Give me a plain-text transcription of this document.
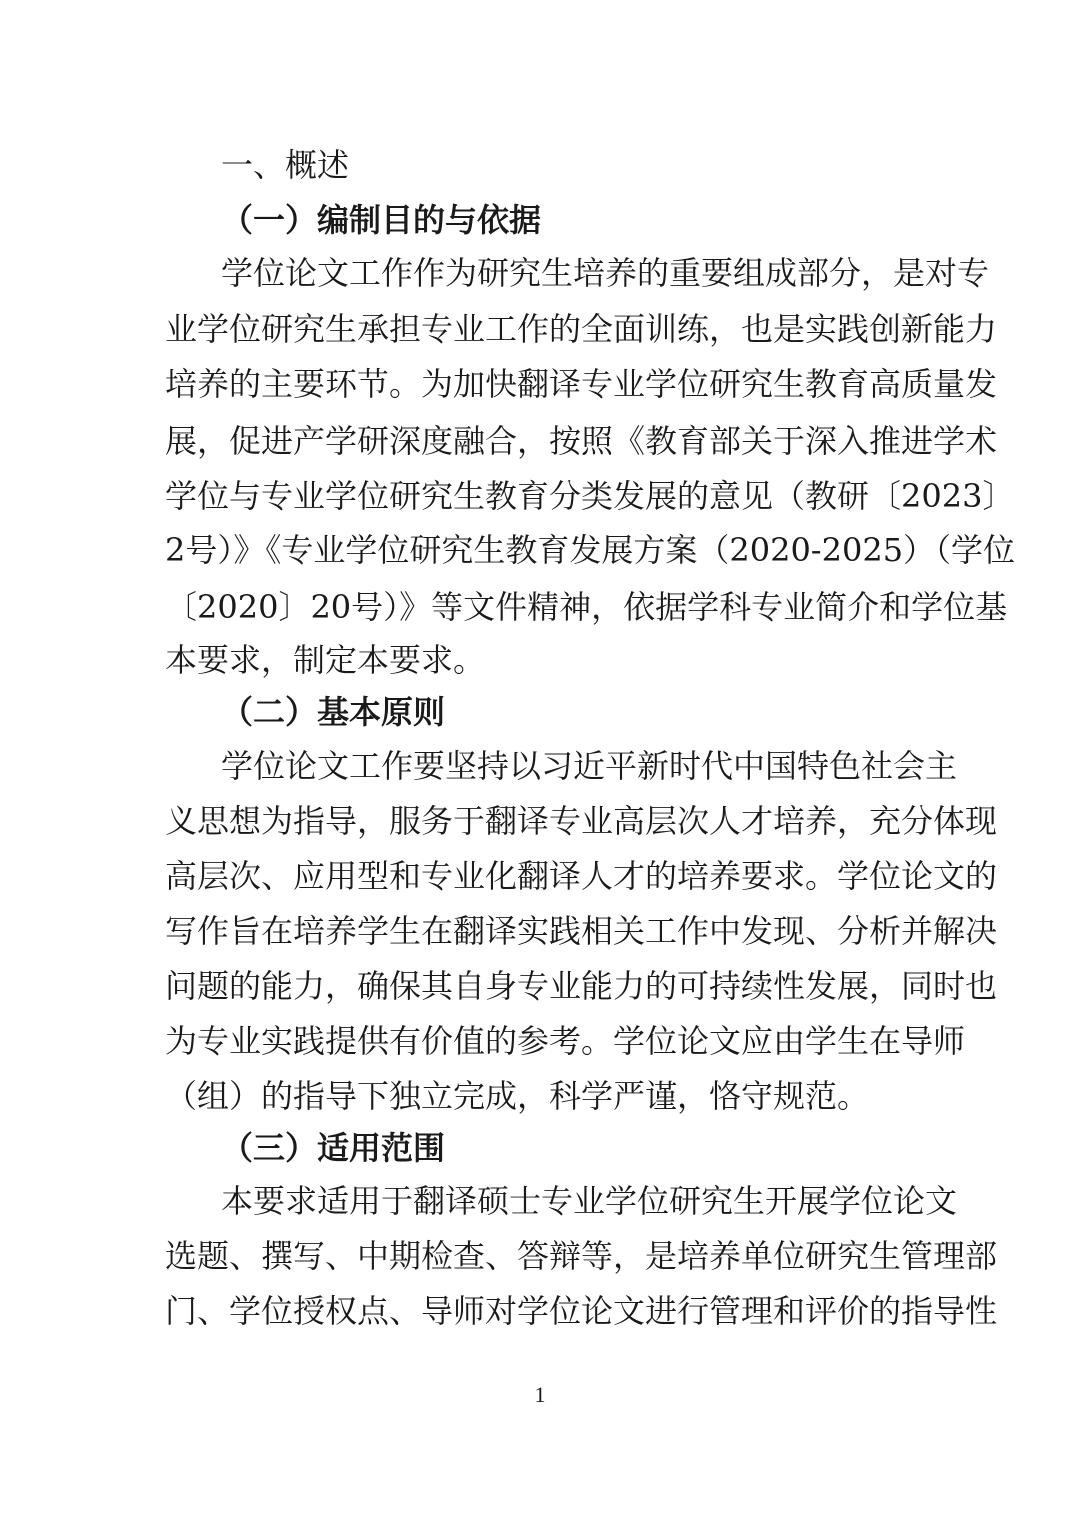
一、概述
（一）编制目的与依据
学位论文工作作为研究生培养的重要组成部分，是对专
业学位研究生承担专业工作的全面训练，也是实践创新能力
培养的主要环节。为加快翻译专业学位研究生教育高质量发
展，促进产学研深度融合，按照《教育部关于深入推进学术
学位与专业学位研究生教育分类发展的意见（教研〔2023〕
2号）》《专业学位研究生教育发展方案（2020-2025）（学位
〔2020〕20号）》等文件精神，依据学科专业简介和学位基
本要求，制定本要求。
（二）基本原则
学位论文工作要坚持以习近平新时代中国特色社会主
义思想为指导，服务于翻译专业高层次人才培养，充分体现
高层次、应用型和专业化翻译人才的培养要求。学位论文的
写作旨在培养学生在翻译实践相关工作中发现、分析并解决
问题的能力，确保其自身专业能力的可持续性发展，同时也
为专业实践提供有价值的参考。学位论文应由学生在导师
（组）的指导下独立完成，科学严谨，恪守规范。
（三）适用范围
本要求适用于翻译硕士专业学位研究生开展学位论文
选题、撰写、中期检查、答辩等，是培养单位研究生管理部
门、学位授权点、导师对学位论文进行管理和评价的指导性
1
